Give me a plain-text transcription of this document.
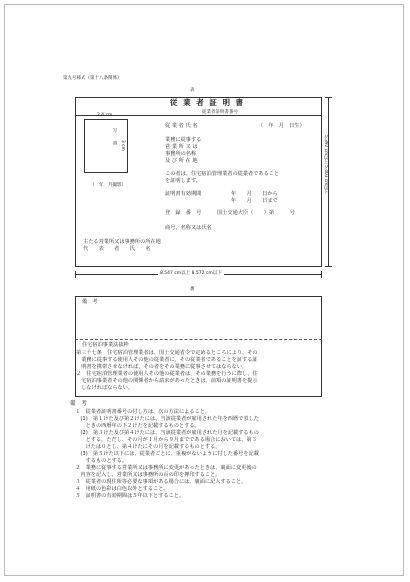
第九号様式（第十八条関係）
表
従 業 者 証 明 書
従業者証明書番号
2.4 cm
写　　真
3 cm
（　年　月撮影）
従 業 者 氏 名	（　年　月　日生）
業務に従事する
営 業 所 又 は
事務所の名称
及 び 所 在 地
この者は、住宅宿泊管理業者の従業者であること
を証明します。
証明書有効期間	年　　月　　日から
年　　月　　日まで
登　録　番　号	国土交通大臣（　　）第　　　号
商号、名称又は氏名
主たる営業所又は事務所の所在地
代　　表　　者　　氏　　名
5.392 cm以上 5.403 cm以下
8.547 cm以上 8.572 cm以下
裏
備　考
住宅宿泊事業法抜粋
第三十七条　住宅宿泊管理業者は、国土交通省令で定めるところにより、その
　業務に従事する使用人その他の従業者に、その従業者であることを証する証
　明書を携帯させなければ、その者をその業務に従事させてはならない。
２　住宅宿泊管理業者の使用人その他の従業者は、その業務を行うに際し、住
　宅宿泊事業者その他の関係者から請求があったときは、前項の証明書を提示
　しなければならない。
備　考
　１　従業者証明書番号の付し方は、次の方法によること。
　　(1)　第１けた及び第２けたには、当該従業者が雇用された年を西暦で表した
　　　ときの西暦年の下２けたを記載するものとする。
　　(2)　第３けた及び第４けたには、当該従業者が雇用された月を記載するもの
　　　とする。ただし、その月が１月から９月までである場合においては、第３
　　　けたは０とし、第４けたにその月を記載するものとする。
　　(3)　第５けた以下には、従業者ごとに、重複がないように付した番号を記載
　　　するものとする。
　２　業務に従事する営業所又は事務所に変更があったときは、裏面に変更後の
　　内容を記入し、営業所又は事務所の長の印を押印すること。
　３　従業者の現住所等必要な事項がある場合には、裏面に記入すること。
　４　用紙の色彩は白色以外とすること。
　５　証明書の有効期間は５年以下とすること。
